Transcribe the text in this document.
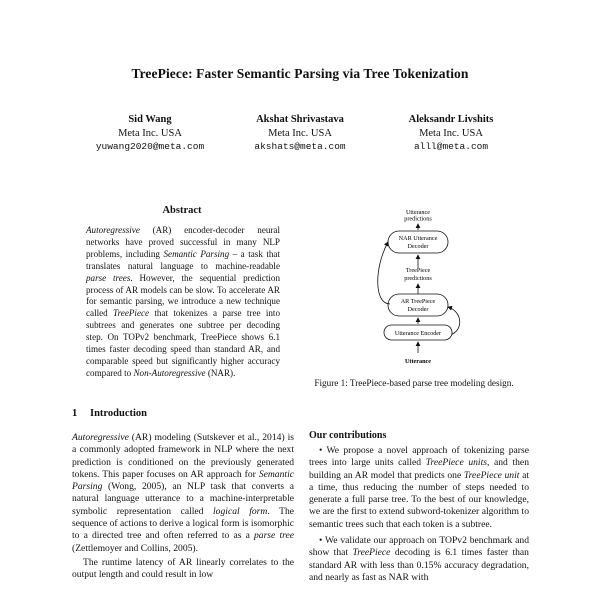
TreePiece: Faster Semantic Parsing via Tree Tokenization
Sid Wang
Meta Inc. USA
yuwang2020@meta.com
Akshat Shrivastava
Meta Inc. USA
akshats@meta.com
Aleksandr Livshits
Meta Inc. USA
alll@meta.com
Abstract
Autoregressive (AR) encoder-decoder neural networks have proved successful in many NLP problems, including Semantic Parsing – a task that translates natural language to machine-readable parse trees. However, the sequential prediction process of AR models can be slow. To accelerate AR for semantic parsing, we introduce a new technique called TreePiece that tokenizes a parse tree into subtrees and generates one subtree per decoding step. On TOPv2 benchmark, TreePiece shows 6.1 times faster decoding speed than standard AR, and comparable speed but significantly higher accuracy compared to Non-Autoregressive (NAR).
1 Introduction

Autoregressive (AR) modeling (Sutskever et al., 2014) is a commonly adopted framework in NLP where the next prediction is conditioned on the previously generated tokens. This paper focuses on AR approach for Semantic Parsing (Wong, 2005), an NLP task that converts a natural language utterance to a machine-interpretable symbolic representation called logical form. The sequence of actions to derive a logical form is isomorphic to a directed tree and often referred to as a parse tree (Zettlemoyer and Collins, 2005).

The runtime latency of AR linearly correlates to the output length and could result in low

Utterance predictions
NAR Utterance
Decoder
TreePiece
predictions
AR TreePiece
Decoder
Utterance Encoder
Utterance
Figure 1: TreePiece-based parse tree modeling design.
Our contributions

• We propose a novel approach of tokenizing parse trees into large units called TreePiece units, and then building an AR model that predicts one TreePiece unit at a time, thus reducing the number of steps needed to generate a full parse tree. To the best of our knowledge, we are the first to extend subword-tokenizer algorithm to semantic trees such that each token is a subtree.

• We validate our approach on TOPv2 benchmark and show that TreePiece decoding is 6.1 times faster than standard AR with less than 0.15% accuracy degradation, and nearly as fast as NAR with
